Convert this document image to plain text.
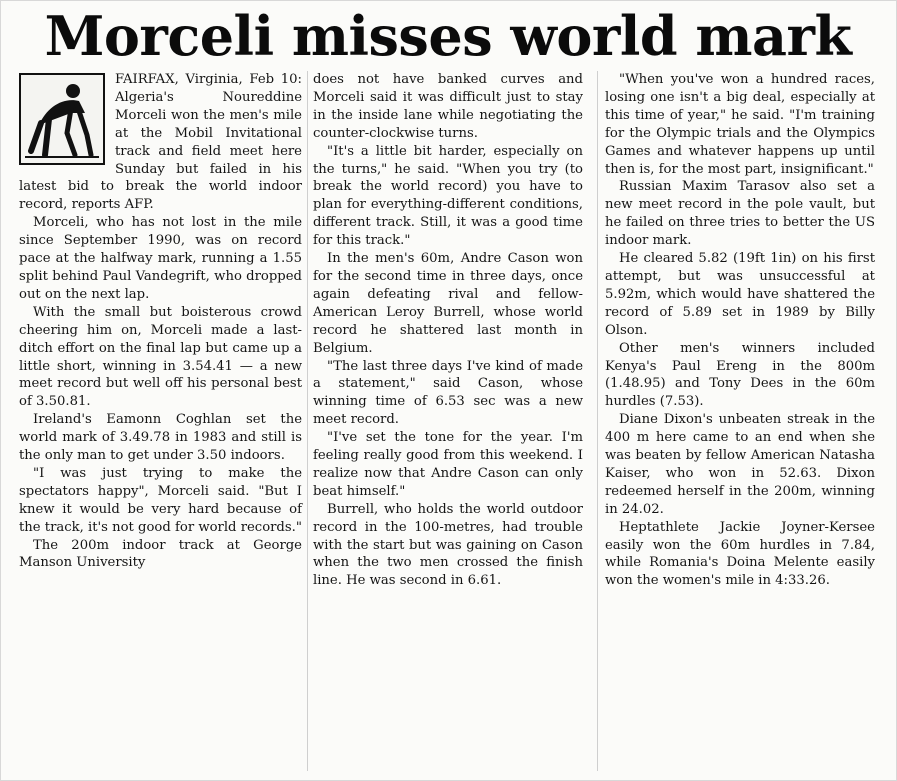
Morceli misses world mark

FAIRFAX, Virginia, Feb 10: Algeria's Noureddine Morceli won the men's mile at the Mobil Invitational track and field meet here Sunday but failed in his latest bid to break the world indoor record, reports AFP.

Morceli, who has not lost in the mile since September 1990, was on record pace at the halfway mark, running a 1.55 split behind Paul Vandegrift, who dropped out on the next lap.

With the small but boisterous crowd cheering him on, Morceli made a last-ditch effort on the final lap but came up a little short, winning in 3.54.41 — a new meet record but well off his personal best of 3.50.81.

Ireland's Eamonn Coghlan set the world mark of 3.49.78 in 1983 and still is the only man to get under 3.50 indoors.

"I was just trying to make the spectators happy", Morceli said. "But I knew it would be very hard because of the track, it's not good for world records."

The 200m indoor track at George Manson University

does not have banked curves and Morceli said it was difficult just to stay in the inside lane while negotiating the counter-clockwise turns.

"It's a little bit harder, especially on the turns," he said. "When you try (to break the world record) you have to plan for everything-different conditions, different track. Still, it was a good time for this track."

In the men's 60m, Andre Cason won for the second time in three days, once again defeating rival and fellow-American Leroy Burrell, whose world record he shattered last month in Belgium.

"The last three days I've kind of made a statement," said Cason, whose winning time of 6.53 sec was a new meet record.

"I've set the tone for the year. I'm feeling really good from this weekend. I realize now that Andre Cason can only beat himself."

Burrell, who holds the world outdoor record in the 100-metres, had trouble with the start but was gaining on Cason when the two men crossed the finish line. He was second in 6.61.

"When you've won a hundred races, losing one isn't a big deal, especially at this time of year," he said. "I'm training for the Olympic trials and the Olympics Games and whatever happens up until then is, for the most part, insignificant."

Russian Maxim Tarasov also set a new meet record in the pole vault, but he failed on three tries to better the US indoor mark.

He cleared 5.82 (19ft 1in) on his first attempt, but was unsuccessful at 5.92m, which would have shattered the record of 5.89 set in 1989 by Billy Olson.

Other men's winners included Kenya's Paul Ereng in the 800m (1.48.95) and Tony Dees in the 60m hurdles (7.53).

Diane Dixon's unbeaten streak in the 400 m here came to an end when she was beaten by fellow American Natasha Kaiser, who won in 52.63. Dixon redeemed herself in the 200m, winning in 24.02.

Heptathlete Jackie Joyner-Kersee easily won the 60m hurdles in 7.84, while Romania's Doina Melente easily won the women's mile in 4:33.26.
